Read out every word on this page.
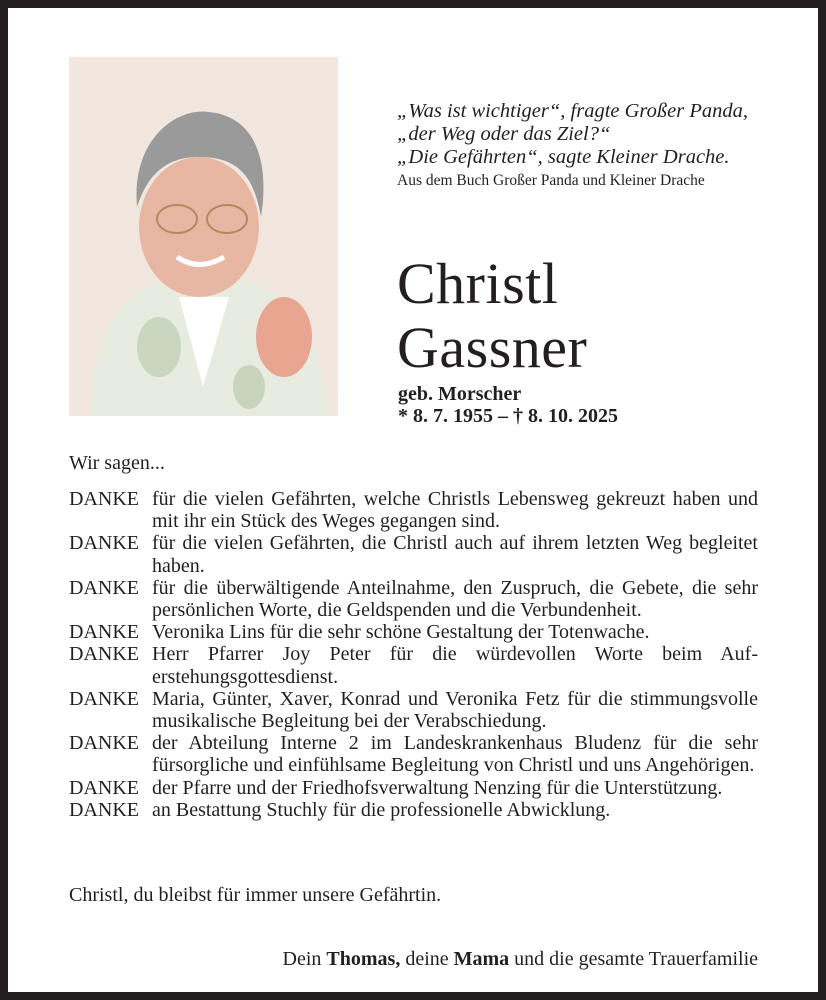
„Was ist wichtiger“, fragte Großer Panda,
„der Weg oder das Ziel?“
„Die Gefährten“, sagte Kleiner Drache.
Aus dem Buch Großer Panda und Kleiner Drache
Christl
Gassner
geb. Morscher
* 8. 7. 1955 – † 8. 10. 2025
Wir sagen...
DANKE für die vielen Gefährten, welche Christls Lebensweg gekreuzt haben und mit ihr ein Stück des Weges gegangen sind.
DANKE für die vielen Gefährten, die Christl auch auf ihrem letzten Weg begleitet haben.
DANKE für die überwältigende Anteilnahme, den Zuspruch, die Gebete, die sehr persönlichen Worte, die Geldspenden und die Verbundenheit.
DANKE Veronika Lins für die sehr schöne Gestaltung der Totenwache.
DANKE Herr Pfarrer Joy Peter für die würdevollen Worte beim Auferstehungsgottesdienst.
DANKE Maria, Günter, Xaver, Konrad und Veronika Fetz für die stimmungsvolle musikalische Begleitung bei der Verabschiedung.
DANKE der Abteilung Interne 2 im Landeskrankenhaus Bludenz für die sehr fürsorgliche und einfühlsame Begleitung von Christl und uns Angehörigen.
DANKE der Pfarre und der Friedhofsverwaltung Nenzing für die Unterstützung.
DANKE an Bestattung Stuchly für die professionelle Abwicklung.
Christl, du bleibst für immer unsere Gefährtin.
Dein Thomas, deine Mama und die gesamte Trauerfamilie
